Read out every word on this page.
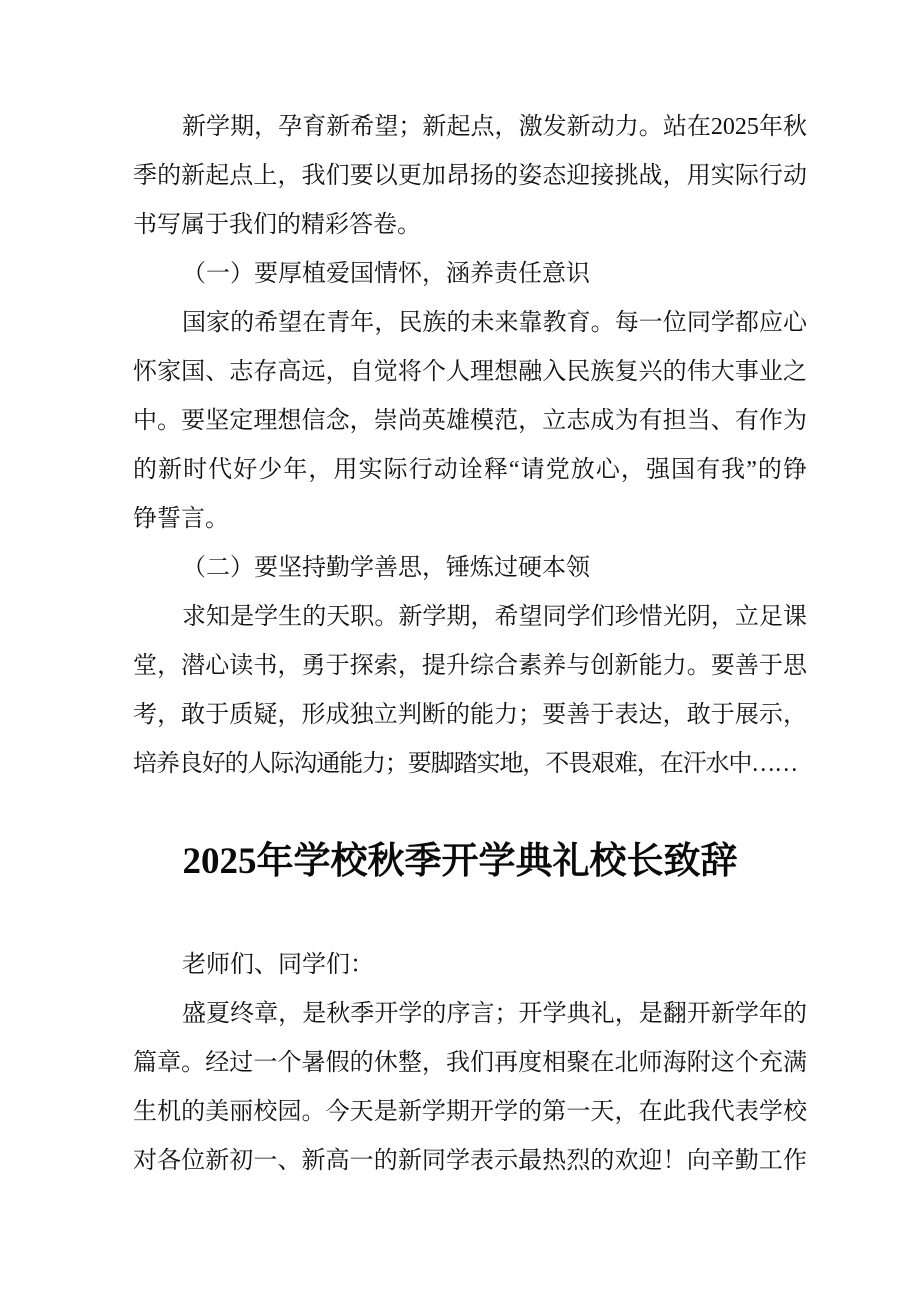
新学期，孕育新希望；新起点，激发新动力。站在2025年秋
季的新起点上，我们要以更加昂扬的姿态迎接挑战，用实际行动
书写属于我们的精彩答卷。
（一）要厚植爱国情怀，涵养责任意识
国家的希望在青年，民族的未来靠教育。每一位同学都应心
怀家国、志存高远，自觉将个人理想融入民族复兴的伟大事业之
中。要坚定理想信念，崇尚英雄模范，立志成为有担当、有作为
的新时代好少年，用实际行动诠释“请党放心，强国有我”的铮
铮誓言。
（二）要坚持勤学善思，锤炼过硬本领
求知是学生的天职。新学期，希望同学们珍惜光阴，立足课
堂，潜心读书，勇于探索，提升综合素养与创新能力。要善于思
考，敢于质疑，形成独立判断的能力；要善于表达，敢于展示，
培养良好的人际沟通能力；要脚踏实地，不畏艰难，在汗水中……
2025年学校秋季开学典礼校长致辞
老师们、同学们：
盛夏终章，是秋季开学的序言；开学典礼，是翻开新学年的
篇章。经过一个暑假的休整，我们再度相聚在北师海附这个充满
生机的美丽校园。今天是新学期开学的第一天，在此我代表学校
对各位新初一、新高一的新同学表示最热烈的欢迎！向辛勤工作
